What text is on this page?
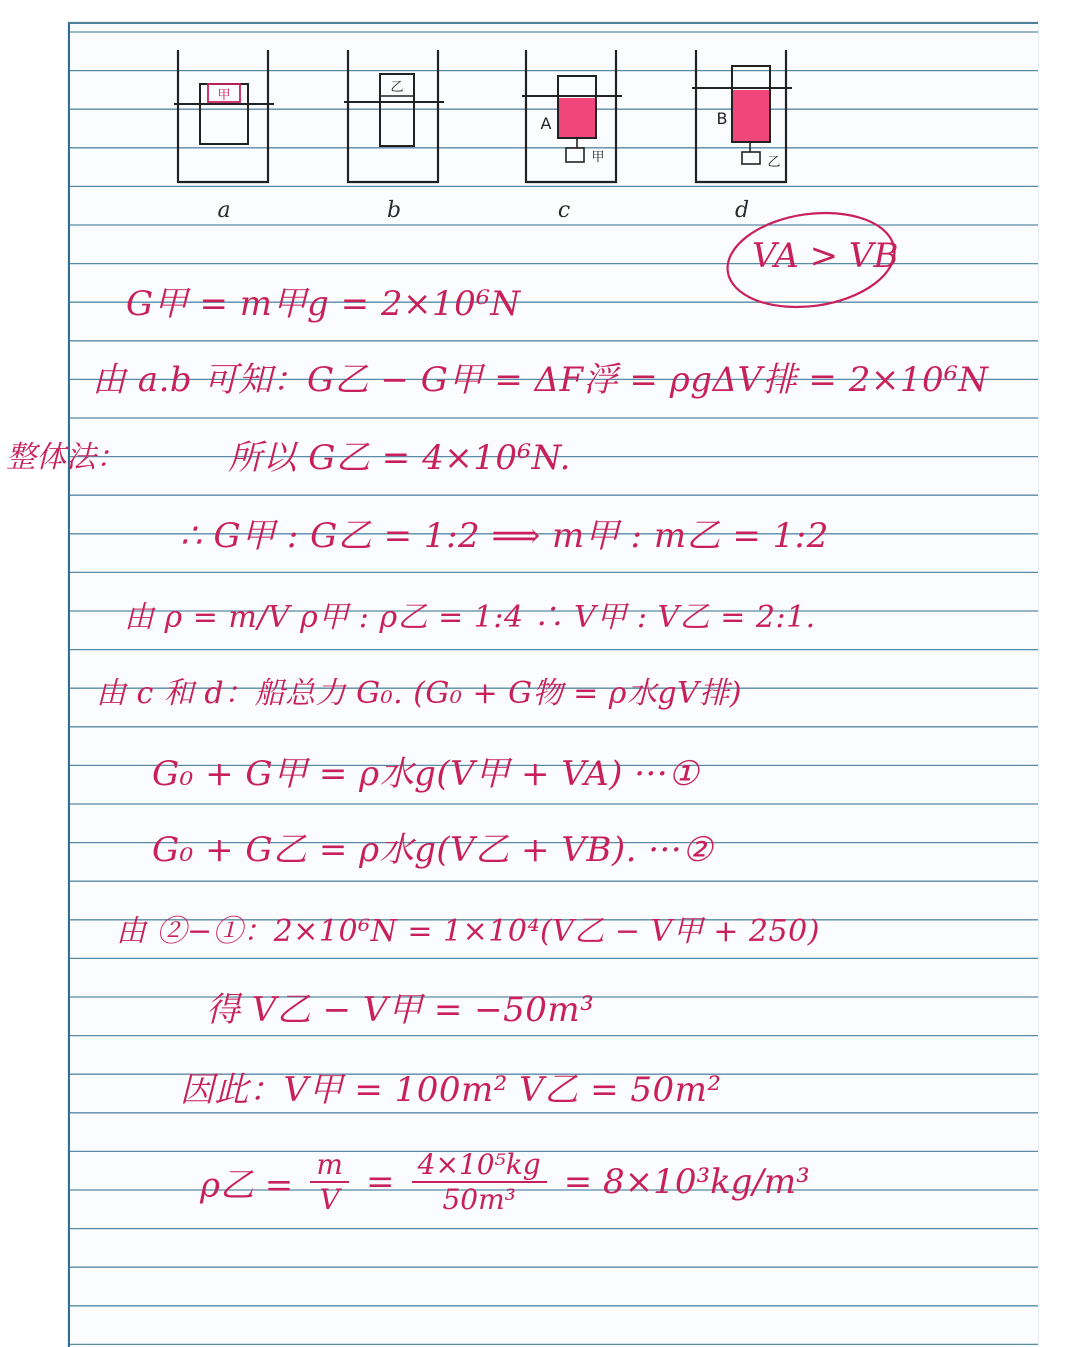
甲
乙
A
甲
B
乙
a	b	c	d
VA > VB
整体法：
G甲 = m甲g = 2×10⁶N
由 a.b 可知：G乙 − G甲 = ΔF浮 = ρgΔV排 = 2×10⁶N
所以 G乙 = 4×10⁶N.
∴ G甲 : G乙 = 1:2 ⟹ m甲 : m乙 = 1:2
由 ρ = m/V ρ甲 : ρ乙 = 1:4 ∴ V甲 : V乙 = 2:1.
由 c 和 d：船总力 G₀. (G₀ + G物 = ρ水gV排)
G₀ + G甲 = ρ水g(V甲 + VA) ···①
G₀ + G乙 = ρ水g(V乙 + VB). ···②
由 ②−①：2×10⁶N = 1×10⁴(V乙 − V甲 + 250)
得 V乙 − V甲 = −50m³
因此：V甲 = 100m² V乙 = 50m²
ρ乙 = $\frac{m}{V} = \frac{\text{4×10⁵kg}}{\text{50m³}} = 8\times 10^3kg/m^3$
